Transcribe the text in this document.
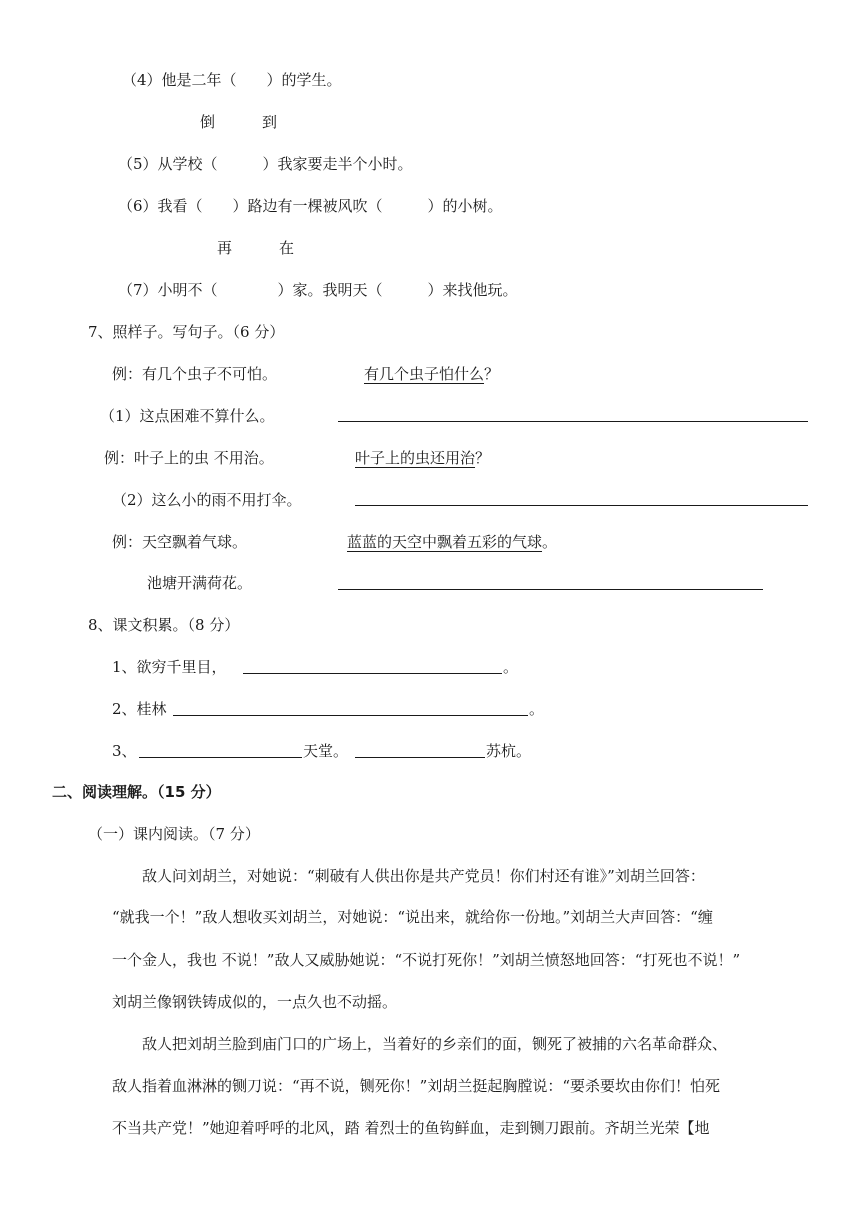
（4）他是二年（　　）的学生。
倒	到
（5）从学校（　　　）我家要走半个小时。
（6）我看（　　）路边有一棵被风吹（　　　）的小树。
再	在
（7）小明不（　　　　）家。我明天（　　　）来找他玩。
7、照样子。写句子。（6 分）
例：有几个虫子不可怕。	有几个虫子怕什么？
（1）这点困难不算什么。
例：叶子上的虫 不用治。	叶子上的虫还用治？
（2）这么小的雨不用打伞。
例：天空飘着气球。	蓝蓝的天空中飘着五彩的气球。
池塘开满荷花。
8、课文积累。（8 分）
1、欲穷千里目，	。
2、桂林	。
3、	天堂。	苏杭。
二、阅读理解。（15 分）
（一）课内阅读。（7 分）
　　敌人问刘胡兰，对她说：“刺破有人供出你是共产党员！你们村还有谁》”刘胡兰回答：
“就我一个！”敌人想收买刘胡兰，对她说：“说出来，就给你一份地。”刘胡兰大声回答：“缠
一个金人，我也 不说！”敌人又威胁她说：“不说打死你！”刘胡兰愤怒地回答：“打死也不说！”
刘胡兰像钢铁铸成似的，一点久也不动摇。
　　敌人把刘胡兰脸到庙门口的广场上，当着好的乡亲们的面，铡死了被捕的六名革命群众、
敌人指着血淋淋的铡刀说：“再不说，铡死你！”刘胡兰挺起胸膛说：“要杀要坎由你们！怕死
不当共产党！”她迎着呼呼的北风，踏 着烈士的鱼钩鲜血，走到铡刀跟前。齐胡兰光荣【地
